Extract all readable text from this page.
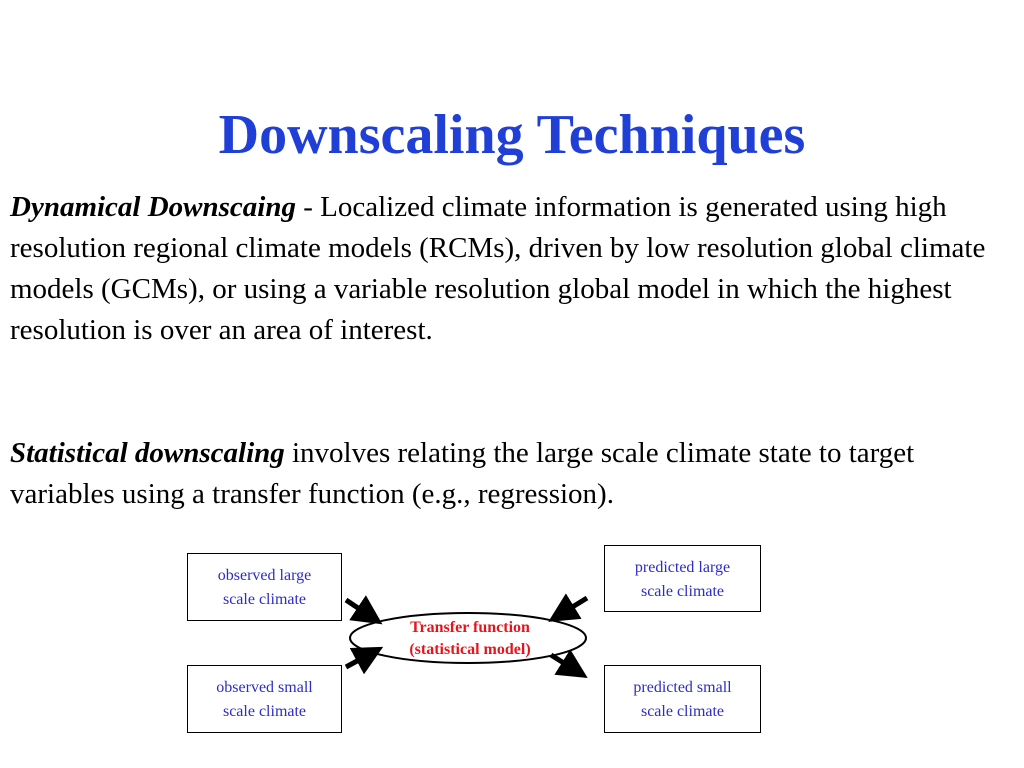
Downscaling Techniques

Dynamical Downscaing - Localized climate information is generated using high resolution regional climate models (RCMs), driven by low resolution global climate models (GCMs), or using a variable resolution global model in which the highest resolution is over an area of interest.

Statistical downscaling involves relating the large scale climate state to target variables using a transfer function (e.g., regression).

observed large
scale climate
observed small
scale climate
predicted large
scale climate
predicted small
scale climate
Transfer function
(statistical model)
